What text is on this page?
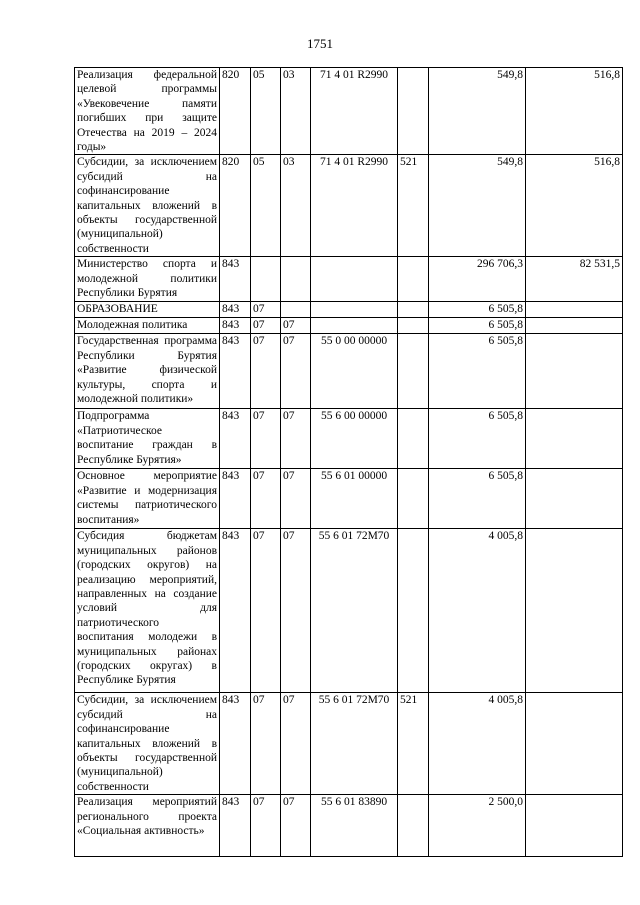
1751
Реализация федеральной целевой программы «Увековечение памяти погибших при защите Отечества на 2019 – 2024 годы»	820	05	03	71 4 01 R2990		549,8	516,8
Субсидии, за исключением субсидий на софинансирование капитальных вложений в объекты государственной (муниципальной) собственности	820	05	03	71 4 01 R2990	521	549,8	516,8
Министерство спорта и молодежной политики Республики Бурятия	843					296 706,3	82 531,5
ОБРАЗОВАНИЕ	843	07				6 505,8	
Молодежная политика	843	07	07			6 505,8	
Государственная программа Республики Бурятия «Развитие физической культуры, спорта и молодежной политики»	843	07	07	55 0 00 00000		6 505,8	
Подпрограмма «Патриотическое воспитание граждан в Республике Бурятия»	843	07	07	55 6 00 00000		6 505,8	
Основное мероприятие «Развитие и модернизация системы патриотического воспитания»	843	07	07	55 6 01 00000		6 505,8	
Субсидия бюджетам муниципальных районов (городских округов) на реализацию мероприятий, направленных на создание условий для патриотического воспитания молодежи в муниципальных районах (городских округах) в Республике Бурятия	843	07	07	55 6 01 72М70		4 005,8	
Субсидии, за исключением субсидий на софинансирование капитальных вложений в объекты государственной (муниципальной) собственности	843	07	07	55 6 01 72М70	521	4 005,8	
Реализация мероприятий регионального проекта «Социальная активность»	843	07	07	55 6 01 83890		2 500,0	
